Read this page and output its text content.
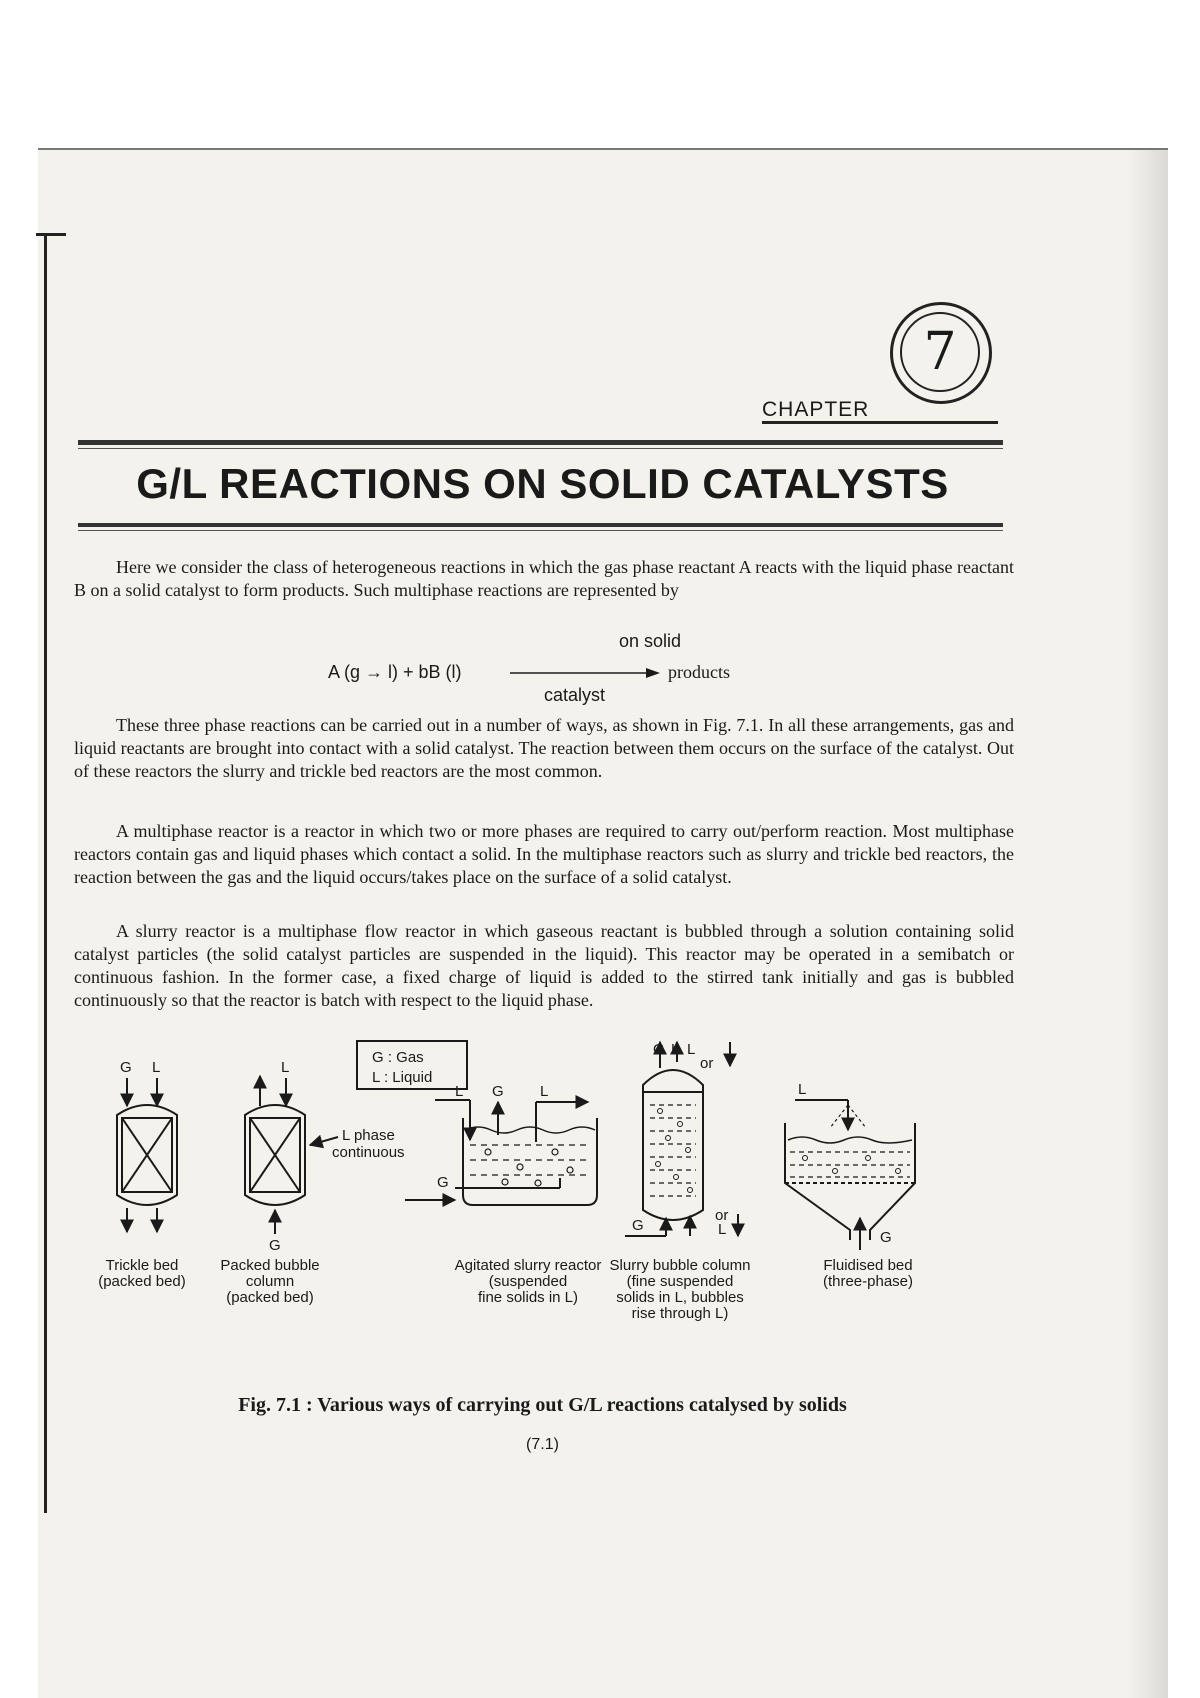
7
CHAPTER
G/L REACTIONS ON SOLID CATALYSTS

Here we consider the class of heterogeneous reactions in which the gas phase reactant A reacts with the liquid phase reactant B on a solid catalyst to form products. Such multiphase reactions are represented by

on solid
A (g → l) + bB (l)	products
catalyst

These three phase reactions can be carried out in a number of ways, as shown in Fig. 7.1. In all these arrangements, gas and liquid reactants are brought into contact with a solid catalyst. The reaction between them occurs on the surface of the catalyst. Out of these reactors the slurry and trickle bed reactors are the most common.

A multiphase reactor is a reactor in which two or more phases are required to carry out/perform reaction. Most multiphase reactors contain gas and liquid phases which contact a solid. In the multiphase reactors such as slurry and trickle bed reactors, the reaction between the gas and the liquid occurs/takes place on the surface of a solid catalyst.

A slurry reactor is a multiphase flow reactor in which gaseous reactant is bubbled through a solution containing solid catalyst particles (the solid catalyst particles are suspended in the liquid). This reactor may be operated in a semibatch or continuous fashion. In the former case, a fixed charge of liquid is added to the stirred tank initially and gas is bubbled continuously so that the reactor is batch with respect to the liquid phase.

G : Gas
L : Liquid
G L	L
G
L phase
continuous
L G L
G
G L L
or
G
or
L
L
G
Trickle bed
(packed bed)
Packed bubble
column
(packed bed)
Agitated slurry reactor
(suspended
fine solids in L)
Slurry bubble column
(fine suspended
solids in L, bubbles
rise through L)
Fluidised bed
(three-phase)
Fig. 7.1 : Various ways of carrying out G/L reactions catalysed by solids
(7.1)
